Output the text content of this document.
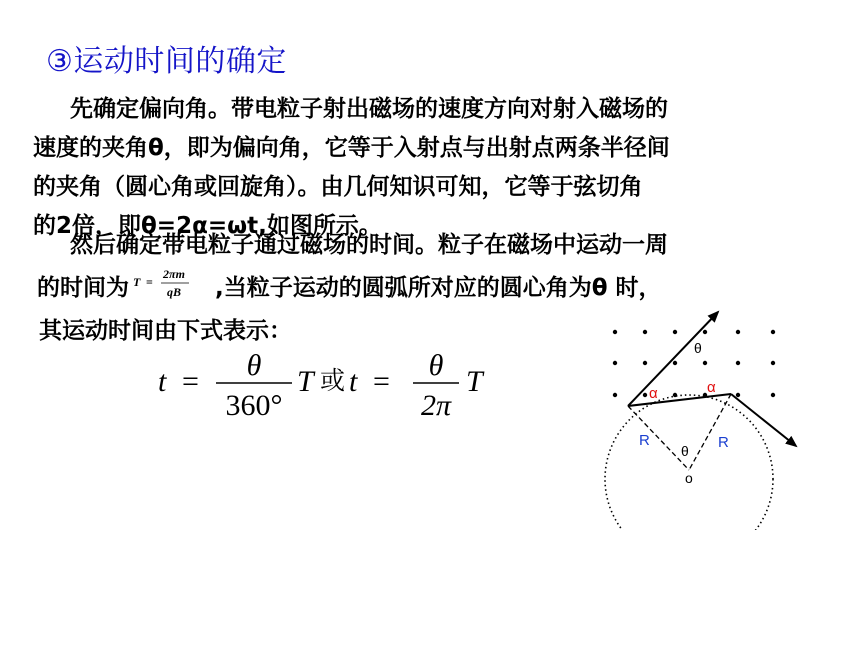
③运动时间的确定
先确定偏向角。带电粒子射出磁场的速度方向对射入磁场的
速度的夹角θ，即为偏向角，它等于入射点与出射点两条半径间
的夹角（圆心角或回旋角）。由几何知识可知，它等于弦切角
的2倍，即θ=2α=ωt,如图所示。
然后确定带电粒子通过磁场的时间。粒子在磁场中运动一周
的时间为 T =
2πm
qB ,当粒子运动的圆弧所对应的圆心角为θ 时，
其运动时间由下式表示：
t = θ
360°
T 或 t = θ
2π
T
θ
α	α
R	R
θ
o
